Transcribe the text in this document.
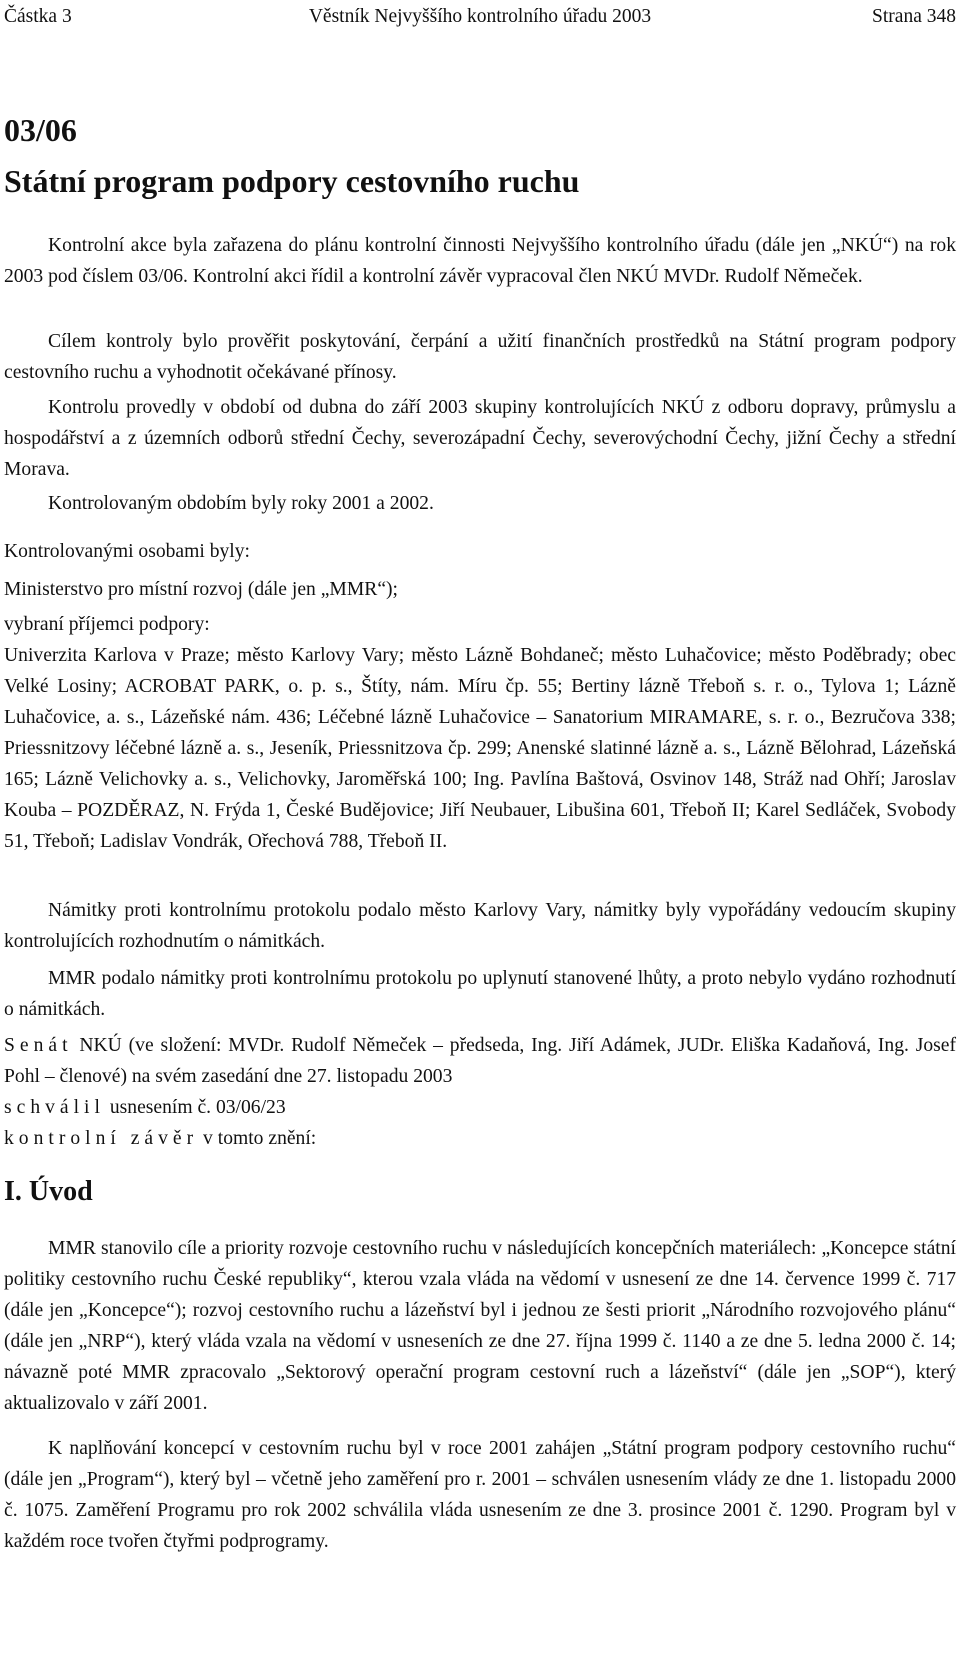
Částka 3	Věstník Nejvyššího kontrolního úřadu 2003	Strana 348

03/06

Státní program podpory cestovního ruchu

Kontrolní akce byla zařazena do plánu kontrolní činnosti Nejvyššího kontrolního úřadu (dále jen „NKÚ“) na rok 2003 pod číslem 03/06. Kontrolní akci řídil a kontrolní závěr vypracoval člen NKÚ MVDr. Rudolf Němeček.

Cílem kontroly bylo prověřit poskytování, čerpání a užití finančních prostředků na Státní program podpory cestovního ruchu a vyhodnotit očekávané přínosy.

Kontrolu provedly v období od dubna do září 2003 skupiny kontrolujících NKÚ z odboru dopravy, průmyslu a hospodářství a z územních odborů střední Čechy, severozápadní Čechy, severovýchodní Čechy, jižní Čechy a střední Morava.

Kontrolovaným obdobím byly roky 2001 a 2002.

Kontrolovanými osobami byly:

Ministerstvo pro místní rozvoj (dále jen „MMR“);

vybraní příjemci podpory:

Univerzita Karlova v Praze; město Karlovy Vary; město Lázně Bohdaneč; město Luhačovice; město Poděbrady; obec Velké Losiny; ACROBAT PARK, o. p. s., Štíty, nám. Míru čp. 55; Bertiny lázně Třeboň s. r. o., Tylova 1; Lázně Luhačovice, a. s., Lázeňské nám. 436; Léčebné lázně Luhačovice – Sanatorium MIRAMARE, s. r. o., Bezručova 338; Priessnitzovy léčebné lázně a. s., Jeseník, Priessnitzova čp. 299; Anenské slatinné lázně a. s., Lázně Bělohrad, Lázeňská 165; Lázně Velichovky a. s., Velichovky, Jaroměřská 100; Ing. Pavlína Baštová, Osvinov 148, Stráž nad Ohří; Jaroslav Kouba – POZDĚRAZ, N. Frýda 1, České Budějovice; Jiří Neubauer, Libušina 601, Třeboň II; Karel Sedláček, Svobody 51, Třeboň; Ladislav Vondrák, Ořechová 788, Třeboň II.

Námitky proti kontrolnímu protokolu podalo město Karlovy Vary, námitky byly vypořádány vedoucím skupiny kontrolujících rozhodnutím o námitkách.

MMR podalo námitky proti kontrolnímu protokolu po uplynutí stanovené lhůty, a proto nebylo vydáno rozhodnutí o námitkách.

Senát NKÚ (ve složení: MVDr. Rudolf Němeček – předseda, Ing. Jiří Adámek, JUDr. Eliška Kadaňová, Ing. Josef Pohl – členové) na svém zasedání dne 27. listopadu 2003

schválil usnesením č. 03/06/23

kontrolní závěr v tomto znění:

I. Úvod

MMR stanovilo cíle a priority rozvoje cestovního ruchu v následujících koncepčních materiálech: „Koncepce státní politiky cestovního ruchu České republiky“, kterou vzala vláda na vědomí v usnesení ze dne 14. července 1999 č. 717 (dále jen „Koncepce“); rozvoj cestovního ruchu a lázeňství byl i jednou ze šesti priorit „Národního rozvojového plánu“ (dále jen „NRP“), který vláda vzala na vědomí v usneseních ze dne 27. října 1999 č. 1140 a ze dne 5. ledna 2000 č. 14; návazně poté MMR zpracovalo „Sektorový operační program cestovní ruch a lázeňství“ (dále jen „SOP“), který aktualizovalo v září 2001.

K naplňování koncepcí v cestovním ruchu byl v roce 2001 zahájen „Státní program podpory cestovního ruchu“ (dále jen „Program“), který byl – včetně jeho zaměření pro r. 2001 – schválen usnesením vlády ze dne 1. listopadu 2000 č. 1075. Zaměření Programu pro rok 2002 schválila vláda usnesením ze dne 3. prosince 2001 č. 1290. Program byl v každém roce tvořen čtyřmi podprogramy.
